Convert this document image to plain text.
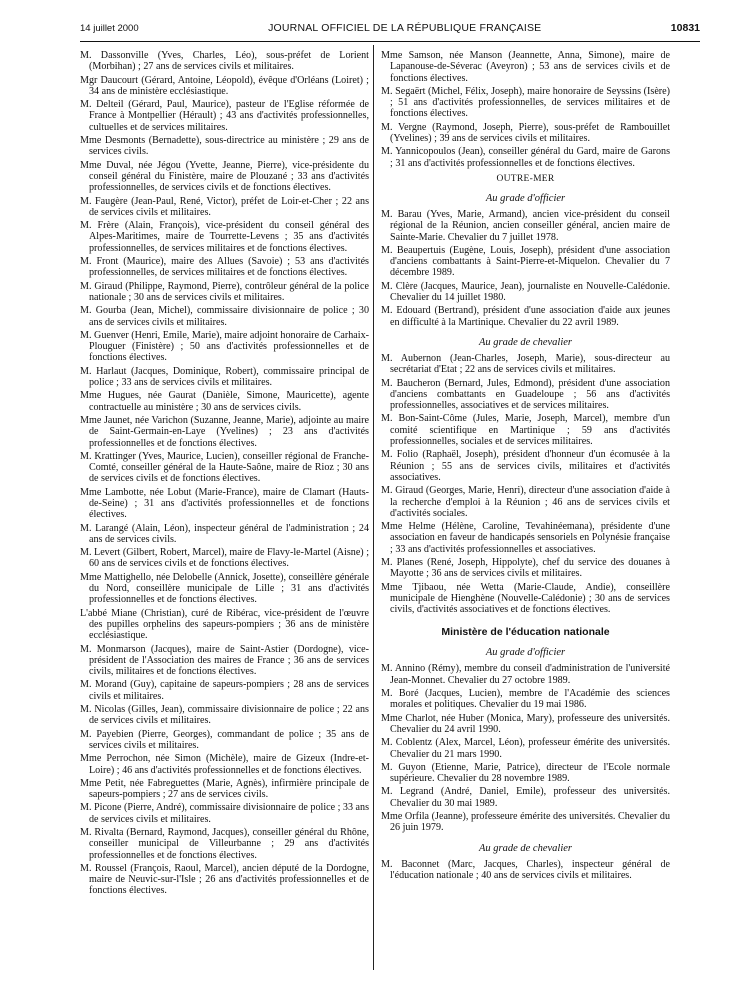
14 juillet 2000	JOURNAL OFFICIEL DE LA RÉPUBLIQUE FRANÇAISE	10831

M. Dassonville (Yves, Charles, Léo), sous-préfet de Lorient (Morbihan) ; 27 ans de services civils et militaires.

Mgr Daucourt (Gérard, Antoine, Léopold), évêque d'Orléans (Loiret) ; 34 ans de ministère ecclésiastique.

M. Delteil (Gérard, Paul, Maurice), pasteur de l'Eglise réformée de France à Montpellier (Hérault) ; 43 ans d'activités professionnelles, cultuelles et de services militaires.

Mme Desmonts (Bernadette), sous-directrice au ministère ; 29 ans de services civils.

Mme Duval, née Jégou (Yvette, Jeanne, Pierre), vice-présidente du conseil général du Finistère, maire de Plouzané ; 33 ans d'activités professionnelles, de services civils et de fonctions électives.

M. Faugère (Jean-Paul, René, Victor), préfet de Loir-et-Cher ; 22 ans de services civils et militaires.

M. Frère (Alain, François), vice-président du conseil général des Alpes-Maritimes, maire de Tourrette-Levens ; 35 ans d'activités professionnelles, de services militaires et de fonctions électives.

M. Front (Maurice), maire des Allues (Savoie) ; 53 ans d'activités professionnelles, de services militaires et de fonctions électives.

M. Giraud (Philippe, Raymond, Pierre), contrôleur général de la police nationale ; 30 ans de services civils et militaires.

M. Gourba (Jean, Michel), commissaire divisionnaire de police ; 30 ans de services civils et militaires.

M. Guenver (Henri, Emile, Marie), maire adjoint honoraire de Carhaix-Plouguer (Finistère) ; 50 ans d'activités professionnelles et de fonctions électives.

M. Harlaut (Jacques, Dominique, Robert), commissaire principal de police ; 33 ans de services civils et militaires.

Mme Hugues, née Gaurat (Danièle, Simone, Mauricette), agente contractuelle au ministère ; 30 ans de services civils.

Mme Jaunet, née Varichon (Suzanne, Jeanne, Marie), adjointe au maire de Saint-Germain-en-Laye (Yvelines) ; 23 ans d'activités professionnelles et de fonctions électives.

M. Krattinger (Yves, Maurice, Lucien), conseiller régional de Franche-Comté, conseiller général de la Haute-Saône, maire de Rioz ; 30 ans de services civils et de fonctions électives.

Mme Lambotte, née Lobut (Marie-France), maire de Clamart (Hauts-de-Seine) ; 31 ans d'activités professionnelles et de fonctions électives.

M. Larangé (Alain, Léon), inspecteur général de l'administration ; 24 ans de services civils.

M. Levert (Gilbert, Robert, Marcel), maire de Flavy-le-Martel (Aisne) ; 60 ans de services civils et de fonctions électives.

Mme Mattighello, née Delobelle (Annick, Josette), conseillère générale du Nord, conseillère municipale de Lille ; 31 ans d'activités professionnelles et de fonctions électives.

L'abbé Miane (Christian), curé de Ribérac, vice-président de l'œuvre des pupilles orphelins des sapeurs-pompiers ; 36 ans de ministère ecclésiastique.

M. Monmarson (Jacques), maire de Saint-Astier (Dordogne), vice-président de l'Association des maires de France ; 36 ans de services civils, militaires et de fonctions électives.

M. Morand (Guy), capitaine de sapeurs-pompiers ; 28 ans de services civils et militaires.

M. Nicolas (Gilles, Jean), commissaire divisionnaire de police ; 22 ans de services civils et militaires.

M. Payebien (Pierre, Georges), commandant de police ; 35 ans de services civils et militaires.

Mme Perrochon, née Simon (Michèle), maire de Gizeux (Indre-et-Loire) ; 46 ans d'activités professionnelles et de fonctions électives.

Mme Petit, née Fabreguettes (Marie, Agnès), infirmière principale de sapeurs-pompiers ; 27 ans de services civils.

M. Picone (Pierre, André), commissaire divisionnaire de police ; 33 ans de services civils et militaires.

M. Rivalta (Bernard, Raymond, Jacques), conseiller général du Rhône, conseiller municipal de Villeurbanne ; 29 ans d'activités professionnelles et de fonctions électives.

M. Roussel (François, Raoul, Marcel), ancien député de la Dordogne, maire de Neuvic-sur-l'Isle ; 26 ans d'activités professionnelles et de fonctions électives.

Mme Samson, née Manson (Jeannette, Anna, Simone), maire de Lapanouse-de-Séverac (Aveyron) ; 53 ans de services civils et de fonctions électives.

M. Segaërt (Michel, Félix, Joseph), maire honoraire de Seyssins (Isère) ; 51 ans d'activités professionnelles, de services militaires et de fonctions électives.

M. Vergne (Raymond, Joseph, Pierre), sous-préfet de Rambouillet (Yvelines) ; 39 ans de services civils et militaires.

M. Yannicopoulos (Jean), conseiller général du Gard, maire de Garons ; 31 ans d'activités professionnelles et de fonctions électives.

OUTRE-MER
Au grade d'officier

M. Barau (Yves, Marie, Armand), ancien vice-président du conseil régional de la Réunion, ancien conseiller général, ancien maire de Sainte-Marie. Chevalier du 7 juillet 1978.

M. Beaupertuis (Eugène, Louis, Joseph), président d'une association d'anciens combattants à Saint-Pierre-et-Miquelon. Chevalier du 7 décembre 1989.

M. Clère (Jacques, Maurice, Jean), journaliste en Nouvelle-Calédonie. Chevalier du 14 juillet 1980.

M. Edouard (Bertrand), président d'une association d'aide aux jeunes en difficulté à la Martinique. Chevalier du 22 avril 1989.

Au grade de chevalier

M. Aubernon (Jean-Charles, Joseph, Marie), sous-directeur au secrétariat d'Etat ; 22 ans de services civils et militaires.

M. Baucheron (Bernard, Jules, Edmond), président d'une association d'anciens combattants en Guadeloupe ; 56 ans d'activités professionnelles, associatives et de services militaires.

M. Bon-Saint-Côme (Jules, Marie, Joseph, Marcel), membre d'un comité scientifique en Martinique ; 59 ans d'activités professionnelles, sociales et de services militaires.

M. Folio (Raphaël, Joseph), président d'honneur d'un écomusée à la Réunion ; 55 ans de services civils, militaires et d'activités associatives.

M. Giraud (Georges, Marie, Henri), directeur d'une association d'aide à la recherche d'emploi à la Réunion ; 46 ans de services civils et d'activités sociales.

Mme Helme (Hélène, Caroline, Tevahinéemana), présidente d'une association en faveur de handicapés sensoriels en Polynésie française ; 33 ans d'activités professionnelles et associatives.

M. Planes (René, Joseph, Hippolyte), chef du service des douanes à Mayotte ; 36 ans de services civils et militaires.

Mme Tjibaou, née Wetta (Marie-Claude, Andie), conseillère municipale de Hienghène (Nouvelle-Calédonie) ; 30 ans de services civils, d'activités associatives et de fonctions électives.

Ministère de l'éducation nationale
Au grade d'officier

M. Annino (Rémy), membre du conseil d'administration de l'université Jean-Monnet. Chevalier du 27 octobre 1989.

M. Boré (Jacques, Lucien), membre de l'Académie des sciences morales et politiques. Chevalier du 19 mai 1986.

Mme Charlot, née Huber (Monica, Mary), professeure des universités. Chevalier du 24 avril 1990.

M. Coblentz (Alex, Marcel, Léon), professeur émérite des universités. Chevalier du 21 mars 1990.

M. Guyon (Etienne, Marie, Patrice), directeur de l'Ecole normale supérieure. Chevalier du 28 novembre 1989.

M. Legrand (André, Daniel, Emile), professeur des universités. Chevalier du 30 mai 1989.

Mme Orfila (Jeanne), professeure émérite des universités. Chevalier du 26 juin 1979.

Au grade de chevalier

M. Baconnet (Marc, Jacques, Charles), inspecteur général de l'éducation nationale ; 40 ans de services civils et militaires.
